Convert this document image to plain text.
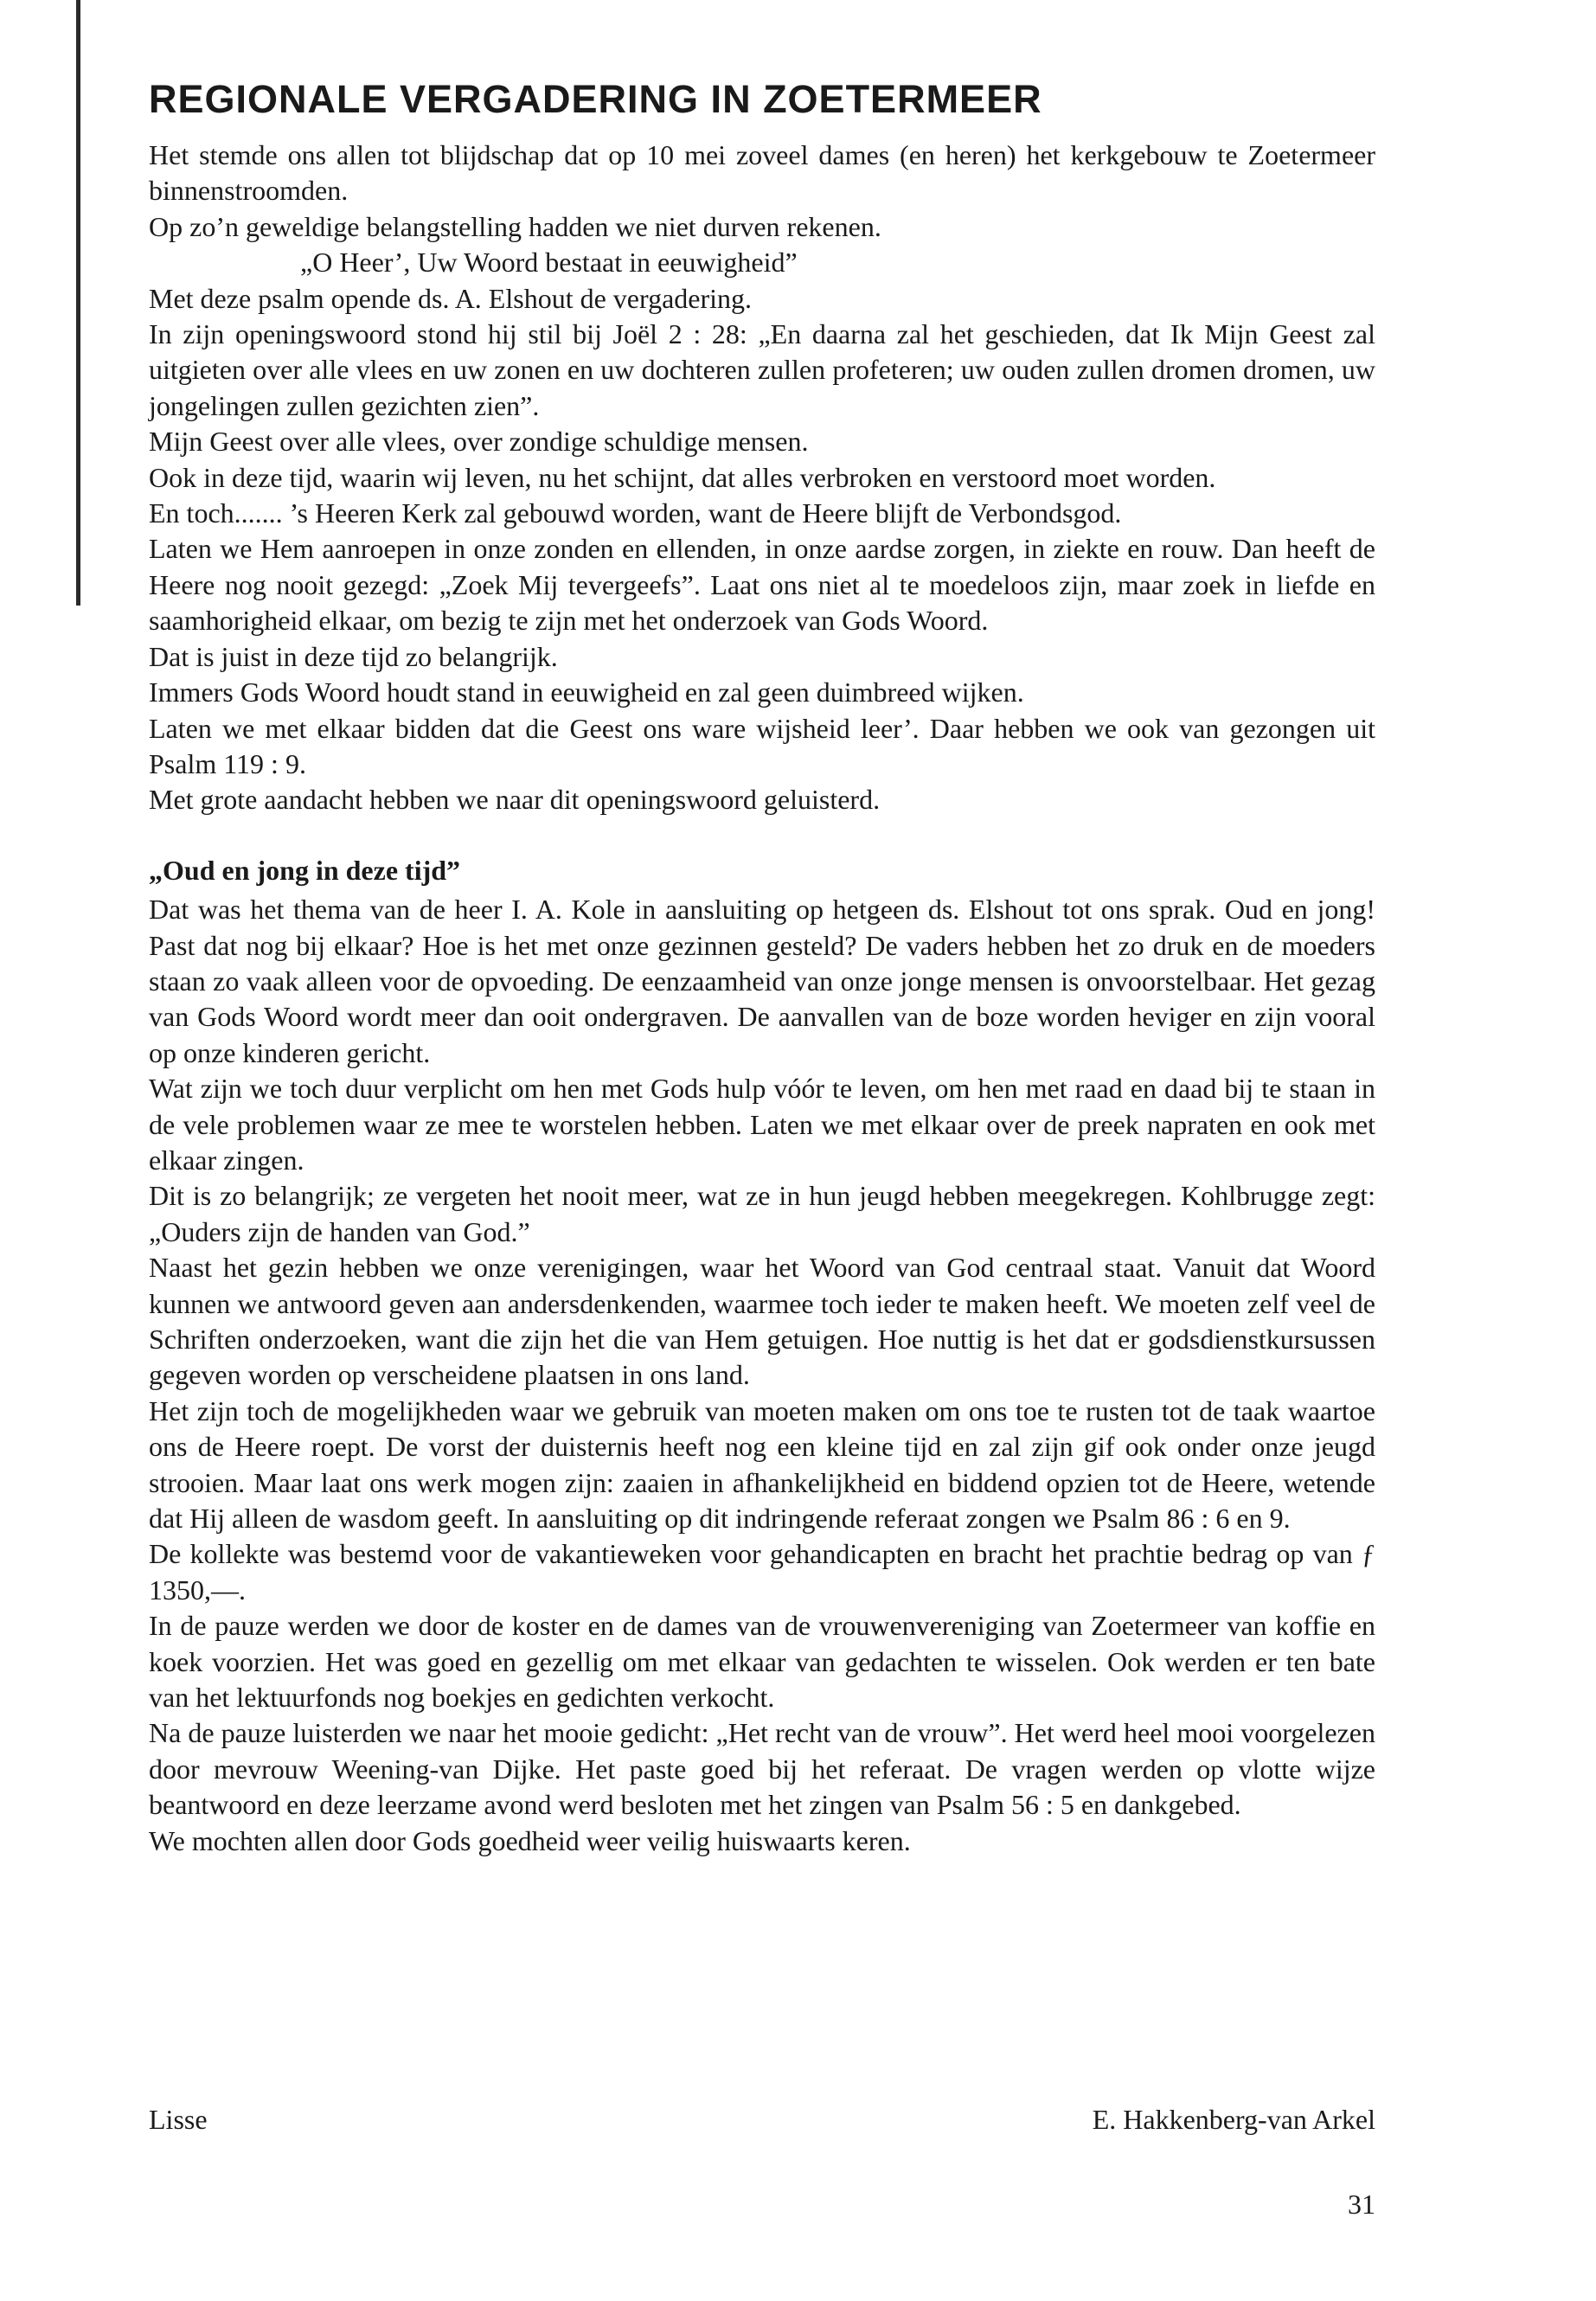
REGIONALE VERGADERING IN ZOETERMEER

Het stemde ons allen tot blijdschap dat op 10 mei zoveel dames (en heren) het kerkgebouw te Zoetermeer binnenstroomden.

Op zo’n geweldige belangstelling hadden we niet durven rekenen.

„O Heer’, Uw Woord bestaat in eeuwigheid”

Met deze psalm opende ds. A. Elshout de vergadering.

In zijn openingswoord stond hij stil bij Joël 2 : 28: „En daarna zal het geschieden, dat Ik Mijn Geest zal uitgieten over alle vlees en uw zonen en uw dochteren zullen profeteren; uw ouden zullen dromen dromen, uw jongelingen zullen gezichten zien”.

Mijn Geest over alle vlees, over zondige schuldige mensen.

Ook in deze tijd, waarin wij leven, nu het schijnt, dat alles verbroken en verstoord moet worden.

En toch....... ’s Heeren Kerk zal gebouwd worden, want de Heere blijft de Verbondsgod.

Laten we Hem aanroepen in onze zonden en ellenden, in onze aardse zorgen, in ziekte en rouw. Dan heeft de Heere nog nooit gezegd: „Zoek Mij tevergeefs”. Laat ons niet al te moedeloos zijn, maar zoek in liefde en saamhorigheid elkaar, om bezig te zijn met het onderzoek van Gods Woord.

Dat is juist in deze tijd zo belangrijk.

Immers Gods Woord houdt stand in eeuwigheid en zal geen duimbreed wijken.

Laten we met elkaar bidden dat die Geest ons ware wijsheid leer’. Daar hebben we ook van gezongen uit Psalm 119 : 9.

Met grote aandacht hebben we naar dit openingswoord geluisterd.

„Oud en jong in deze tijd”

Dat was het thema van de heer I. A. Kole in aansluiting op hetgeen ds. Elshout tot ons sprak. Oud en jong! Past dat nog bij elkaar? Hoe is het met onze gezinnen gesteld? De vaders hebben het zo druk en de moeders staan zo vaak alleen voor de opvoeding. De eenzaamheid van onze jonge mensen is onvoorstelbaar. Het gezag van Gods Woord wordt meer dan ooit ondergraven. De aanvallen van de boze worden heviger en zijn vooral op onze kinderen gericht.

Wat zijn we toch duur verplicht om hen met Gods hulp vóór te leven, om hen met raad en daad bij te staan in de vele problemen waar ze mee te worstelen hebben. Laten we met elkaar over de preek napraten en ook met elkaar zingen.

Dit is zo belangrijk; ze vergeten het nooit meer, wat ze in hun jeugd hebben meegekregen. Kohlbrugge zegt: „Ouders zijn de handen van God.”

Naast het gezin hebben we onze verenigingen, waar het Woord van God centraal staat. Vanuit dat Woord kunnen we antwoord geven aan andersdenkenden, waarmee toch ieder te maken heeft. We moeten zelf veel de Schriften onderzoeken, want die zijn het die van Hem getuigen. Hoe nuttig is het dat er godsdienstkursussen gegeven worden op verscheidene plaatsen in ons land.

Het zijn toch de mogelijkheden waar we gebruik van moeten maken om ons toe te rusten tot de taak waartoe ons de Heere roept. De vorst der duisternis heeft nog een kleine tijd en zal zijn gif ook onder onze jeugd strooien. Maar laat ons werk mogen zijn: zaaien in afhankelijkheid en biddend opzien tot de Heere, wetende dat Hij alleen de wasdom geeft. In aansluiting op dit indringende referaat zongen we Psalm 86 : 6 en 9.

De kollekte was bestemd voor de vakantieweken voor gehandicapten en bracht het prachtie bedrag op van ƒ 1350,—.

In de pauze werden we door de koster en de dames van de vrouwenvereniging van Zoetermeer van koffie en koek voorzien. Het was goed en gezellig om met elkaar van gedachten te wisselen. Ook werden er ten bate van het lektuurfonds nog boekjes en gedichten verkocht.

Na de pauze luisterden we naar het mooie gedicht: „Het recht van de vrouw”. Het werd heel mooi voorgelezen door mevrouw Weening-van Dijke. Het paste goed bij het referaat. De vragen werden op vlotte wijze beantwoord en deze leerzame avond werd besloten met het zingen van Psalm 56 : 5 en dankgebed.

We mochten allen door Gods goedheid weer veilig huiswaarts keren.

Lisse	E. Hakkenberg-van Arkel
31
